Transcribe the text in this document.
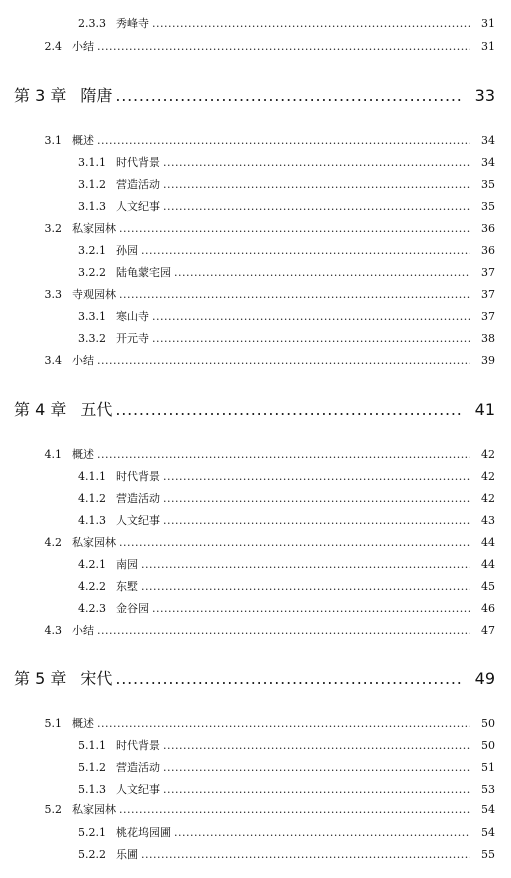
2.3.3 秀峰寺 .....	31
2.4 小结 .....	31
第 3 章 隋唐 .....	33
3.1 概述 .....	34
3.1.1 时代背景 .....	34
3.1.2 营造活动 .....	35
3.1.3 人文纪事 .....	35
3.2 私家园林 .....	36
3.2.1 孙园 .....	36
3.2.2 陆龟蒙宅园 .....	37
3.3 寺观园林 .....	37
3.3.1 寒山寺 .....	37
3.3.2 开元寺 .....	38
3.4 小结 .....	39
第 4 章 五代 .....	41
4.1 概述 .....	42
4.1.1 时代背景 .....	42
4.1.2 营造活动 .....	42
4.1.3 人文纪事 .....	43
4.2 私家园林 .....	44
4.2.1 南园 .....	44
4.2.2 东墅 .....	45
4.2.3 金谷园 .....	46
4.3 小结 .....	47
第 5 章 宋代 .....	49
5.1 概述 .....	50
5.1.1 时代背景 .....	50
5.1.2 营造活动 .....	51
5.1.3 人文纪事 .....	53
5.2 私家园林 .....	54
5.2.1 桃花坞园圃 .....	54
5.2.2 乐圃 .....	55
